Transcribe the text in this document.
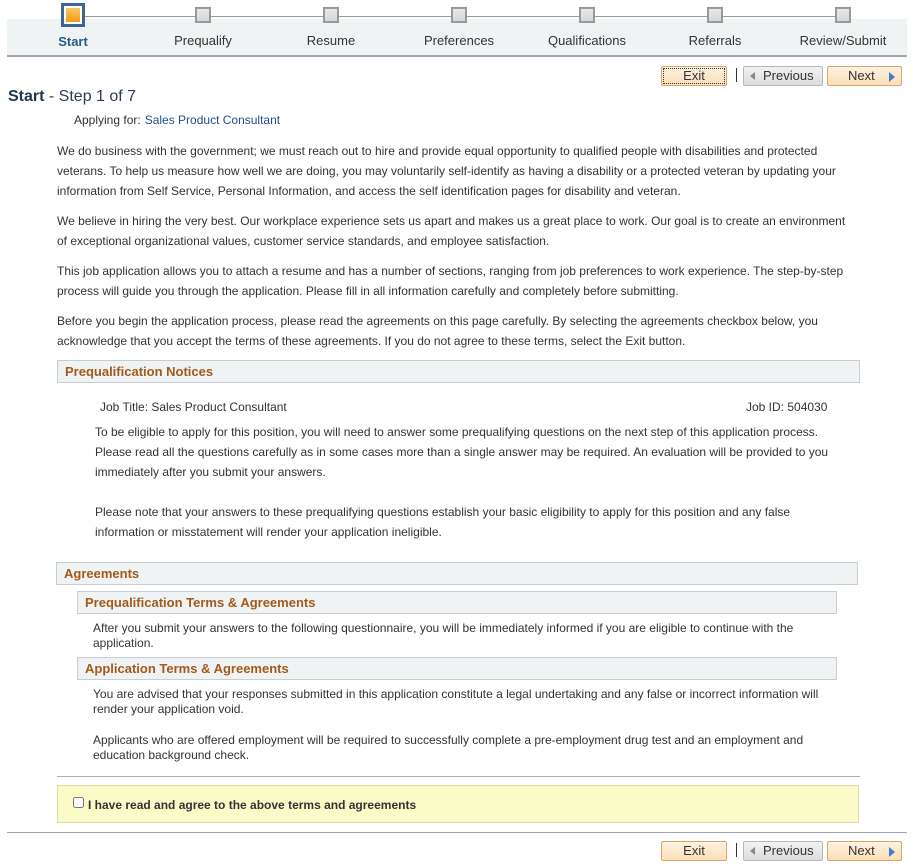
Start	Prequalify	Resume	Preferences	Qualifications	Referrals	Review/Submit
Exit	Previous	Next
Start - Step 1 of 7
Applying for: Sales Product Consultant
We do business with the government; we must reach out to hire and provide equal opportunity to qualified people with disabilities and protected veterans. To help us measure how well we are doing, you may voluntarily self-identify as having a disability or a protected veteran by updating your information from Self Service, Personal Information, and access the self identification pages for disability and veteran.
We believe in hiring the very best. Our workplace experience sets us apart and makes us a great place to work. Our goal is to create an environment of exceptional organizational values, customer service standards, and employee satisfaction.
This job application allows you to attach a resume and has a number of sections, ranging from job preferences to work experience. The step-by-step process will guide you through the application. Please fill in all information carefully and completely before submitting.
Before you begin the application process, please read the agreements on this page carefully. By selecting the agreements checkbox below, you acknowledge that you accept the terms of these agreements. If you do not agree to these terms, select the Exit button.
Prequalification Notices
Job Title: Sales Product Consultant	Job ID: 504030
To be eligible to apply for this position, you will need to answer some prequalifying questions on the next step of this application process. Please read all the questions carefully as in some cases more than a single answer may be required. An evaluation will be provided to you immediately after you submit your answers.
Please note that your answers to these prequalifying questions establish your basic eligibility to apply for this position and any false information or misstatement will render your application ineligible.
Agreements
Prequalification Terms & Agreements
After you submit your answers to the following questionnaire, you will be immediately informed if you are eligible to continue with the application.
Application Terms & Agreements
You are advised that your responses submitted in this application constitute a legal undertaking and any false or incorrect information will render your application void.
Applicants who are offered employment will be required to successfully complete a pre-employment drug test and an employment and education background check.
I have read and agree to the above terms and agreements
Exit	Previous	Next
